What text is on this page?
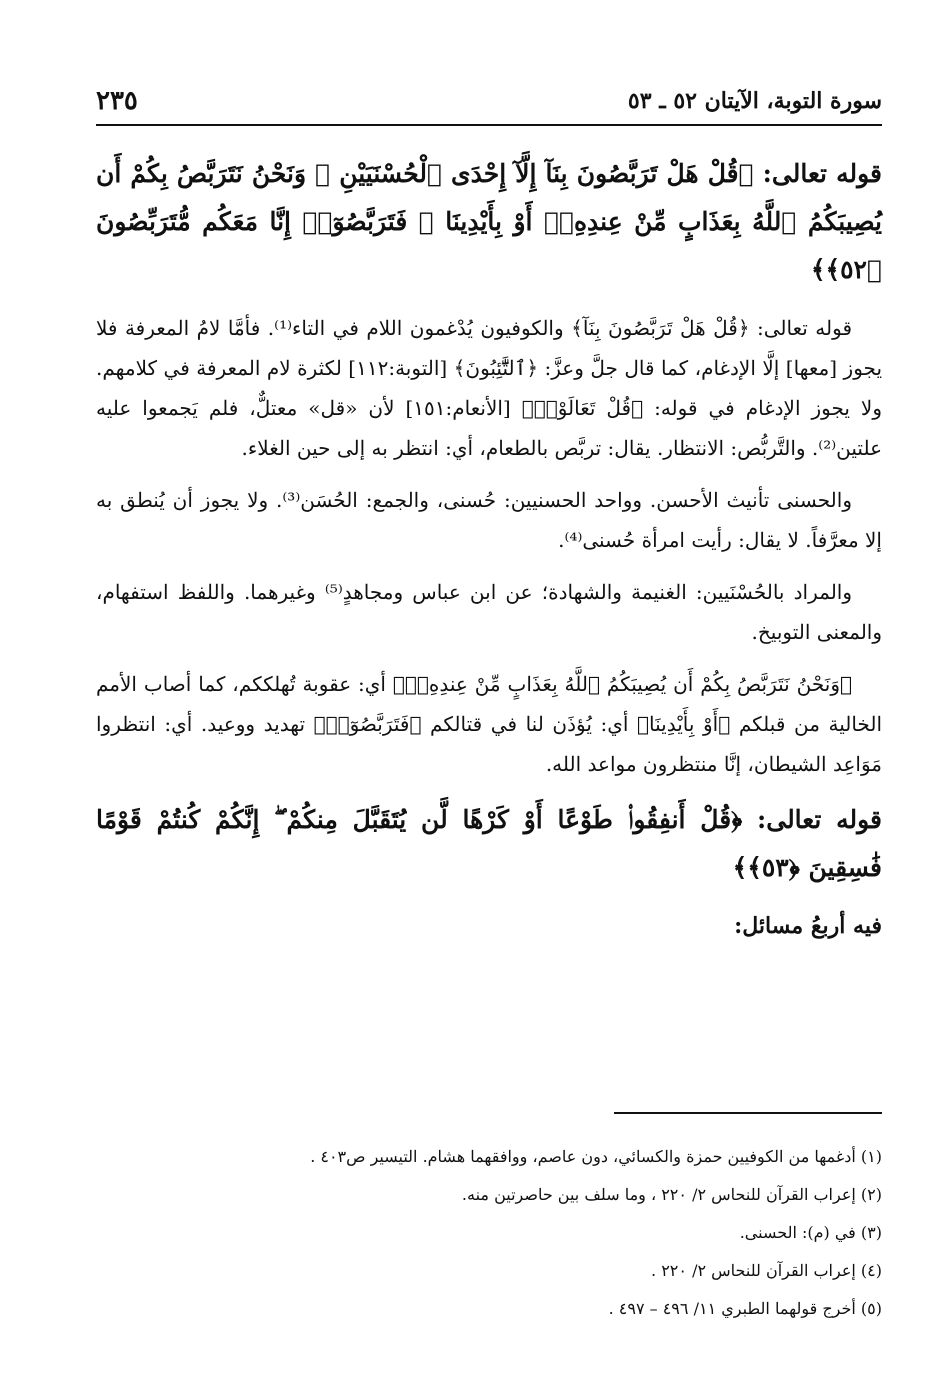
سورة التوبة، الآيتان ٥٢ ـ ٥٣
٢٣٥

قوله تعالى: ﴿قُلْ هَلْ تَرَبَّصُونَ بِنَآ إِلَّآ إِحْدَى ٱلْحُسْنَيَيْنِ ۖ وَنَحْنُ نَتَرَبَّصُ بِكُمْ أَن يُصِيبَكُمُ ٱللَّهُ بِعَذَابٍ مِّنْ عِندِهِۦٓ أَوْ بِأَيْدِينَا ۖ فَتَرَبَّصُوٓا۟ إِنَّا مَعَكُم مُّتَرَبِّصُونَ ﴿٥٢﴾﴾

قوله تعالى: ﴿قُلْ هَلْ تَرَبَّصُونَ بِنَآ﴾ والكوفيون يُدْغمون اللام في التاء⁽¹⁾. فأمَّا لامُ المعرفة فلا يجوز [معها] إلَّا الإدغام، كما قال جلَّ وعزَّ: ﴿ٱلتَّٰٓئِبُونَ﴾ [التوبة:١١٢] لكثرة لام المعرفة في كلامهم. ولا يجوز الإدغام في قوله: ﴿قُلْ تَعَالَوْا۟﴾ [الأنعام:١٥١] لأن «قل» معتلٌّ، فلم يَجمعوا عليه علتين⁽²⁾. والتَّربُّص: الانتظار. يقال: تربَّص بالطعام، أي: انتظر به إلى حين الغلاء.

والحسنى تأنيث الأحسن. وواحد الحسنيين: حُسنى، والجمع: الحُسَن⁽³⁾. ولا يجوز أن يُنطق به إلا معرَّفاً. لا يقال: رأيت امرأة حُسنى⁽⁴⁾.

والمراد بالحُسْنَيين: الغنيمة والشهادة؛ عن ابن عباس ومجاهدٍ⁽⁵⁾ وغيرهما. واللفظ استفهام، والمعنى التوبيخ.

﴿وَنَحْنُ نَتَرَبَّصُ بِكُمْ أَن يُصِيبَكُمُ ٱللَّهُ بِعَذَابٍ مِّنْ عِندِهِۦٓ﴾ أي: عقوبة تُهلككم، كما أصاب الأمم الخالية من قبلكم ﴿أَوْ بِأَيْدِينَا﴾ أي: يُؤذَن لنا في قتالكم ﴿فَتَرَبَّصُوٓا۟﴾ تهديد ووعيد. أي: انتظروا مَوَاعِد الشيطان، إنَّا منتظرون مواعد الله.

قوله تعالى: ﴿قُلْ أَنفِقُوا۟ طَوْعًا أَوْ كَرْهًا لَّن يُتَقَبَّلَ مِنكُمْ ۖ إِنَّكُمْ كُنتُمْ قَوْمًا فَٰسِقِينَ ﴿٥٣﴾﴾

فيه أربعُ مسائل:

(١) أدغمها من الكوفيين حمزة والكسائي، دون عاصم، ووافقهما هشام. التيسير ص٤٠٣ .
(٢) إعراب القرآن للنحاس ٢/ ٢٢٠ ، وما سلف بين حاصرتين منه.
(٣) في (م): الحسنى.
(٤) إعراب القرآن للنحاس ٢/ ٢٢٠ .
(٥) أخرج قولهما الطبري ١١/ ٤٩٦ – ٤٩٧ .
